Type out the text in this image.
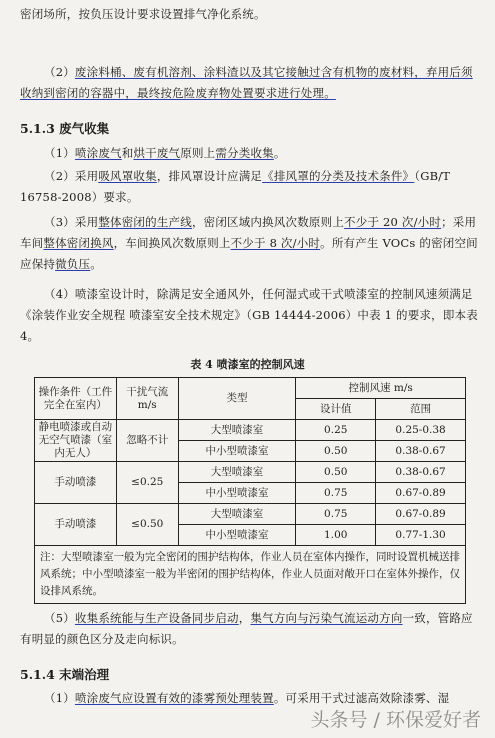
密闭场所，按负压设计要求设置排气净化系统。
（2）废涂料桶、废有机溶剂、涂料渣以及其它接触过含有机物的废材料，弃用后须收纳到密闭的容器中，最终按危险废弃物处置要求进行处理。
5.1.3 废气收集
（1）喷涂废气和烘干废气原则上需分类收集。
（2）采用吸风罩收集，排风罩设计应满足《排风罩的分类及技术条件》（GB/T 16758-2008）要求。
（3）采用整体密闭的生产线，密闭区域内换风次数原则上不少于 20 次/小时；采用车间整体密闭换风，车间换风次数原则上不少于 8 次/小时。所有产生 VOCs 的密闭空间应保持微负压。
（4）喷漆室设计时，除满足安全通风外，任何湿式或干式喷漆室的控制风速须满足《涂装作业安全规程 喷漆室安全技术规定》（GB 14444-2006）中表 1 的要求，即本表 4。
表 4 喷漆室的控制风速
操作条件（工件完全在室内）	干扰气流 m/s	类型	控制风速 m/s	
			设计值	范围
静电喷漆或自动无空气喷漆（室内无人）	忽略不计	大型喷漆室	0.25	0.25-0.38
		中小型喷漆室	0.50	0.38-0.67
手动喷漆	≤0.25	大型喷漆室	0.50	0.38-0.67
		中小型喷漆室	0.75	0.67-0.89
手动喷漆	≤0.50	大型喷漆室	0.75	0.67-0.89
		中小型喷漆室	1.00	0.77-1.30
注：大型喷漆室一般为完全密闭的围护结构体，作业人员在室体内操作，同时设置机械送排风系统；中小型喷漆室一般为半密闭的围护结构体，作业人员面对敞开口在室体外操作，仅设排风系统。				
（5）收集系统能与生产设备同步启动，集气方向与污染气流运动方向一致，管路应有明显的颜色区分及走向标识。
5.1.4 末端治理
（1）喷涂废气应设置有效的漆雾预处理装置。可采用干式过滤高效除漆雾、湿
头条号 / 环保爱好者
